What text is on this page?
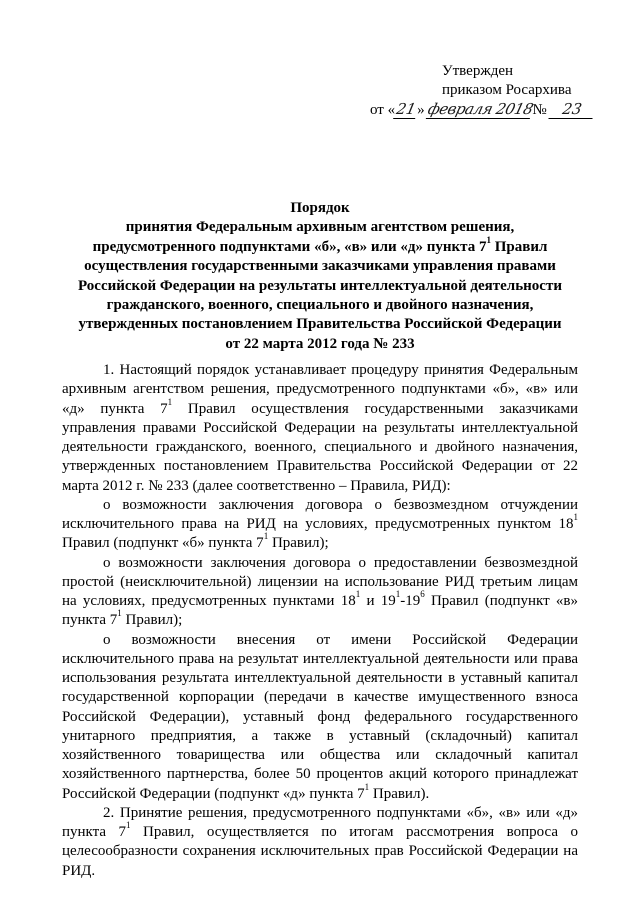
Утвержден
приказом Росархива
от «21» февраля 2018№ 23
Порядок
принятия Федеральным архивным агентством решения,
предусмотренного подпунктами «б», «в» или «д» пункта $7^1$ Правил
осуществления государственными заказчиками управления правами
Российской Федерации на результаты интеллектуальной деятельности
гражданского, военного, специального и двойного назначения,
утвержденных постановлением Правительства Российской Федерации
от 22 марта 2012 года № 233

1. Настоящий порядок устанавливает процедуру принятия Федеральным архивным агентством решения, предусмотренного подпунктами «б», «в» или «д» пункта $7^1$ Правил осуществления государственными заказчиками управления правами Российской Федерации на результаты интеллектуальной деятельности гражданского, военного, специального и двойного назначения, утвержденных постановлением Правительства Российской Федерации от 22 марта 2012 г. № 233 (далее соответственно – Правила, РИД):

о возможности заключения договора о безвозмездном отчуждении исключительного права на РИД на условиях, предусмотренных пунктом $18^1$ Правил (подпункт «б» пункта $7^1$ Правил);

о возможности заключения договора о предоставлении безвозмездной простой (неисключительной) лицензии на использование РИД третьим лицам на условиях, предусмотренных пунктами $18^1$ и $19^1-19^6$ Правил (подпункт «в» пункта $7^1$ Правил);

о возможности внесения от имени Российской Федерации исключительного права на результат интеллектуальной деятельности или права использования результата интеллектуальной деятельности в уставный капитал государственной корпорации (передачи в качестве имущественного взноса Российской Федерации), уставный фонд федерального государственного унитарного предприятия, а также в уставный (складочный) капитал хозяйственного товарищества или общества или складочный капитал хозяйственного партнерства, более 50 процентов акций которого принадлежат Российской Федерации (подпункт «д» пункта $7^1$ Правил).

2. Принятие решения, предусмотренного подпунктами «б», «в» или «д» пункта $7^1$ Правил, осуществляется по итогам рассмотрения вопроса о целесообразности сохранения исключительных прав Российской Федерации на РИД.
